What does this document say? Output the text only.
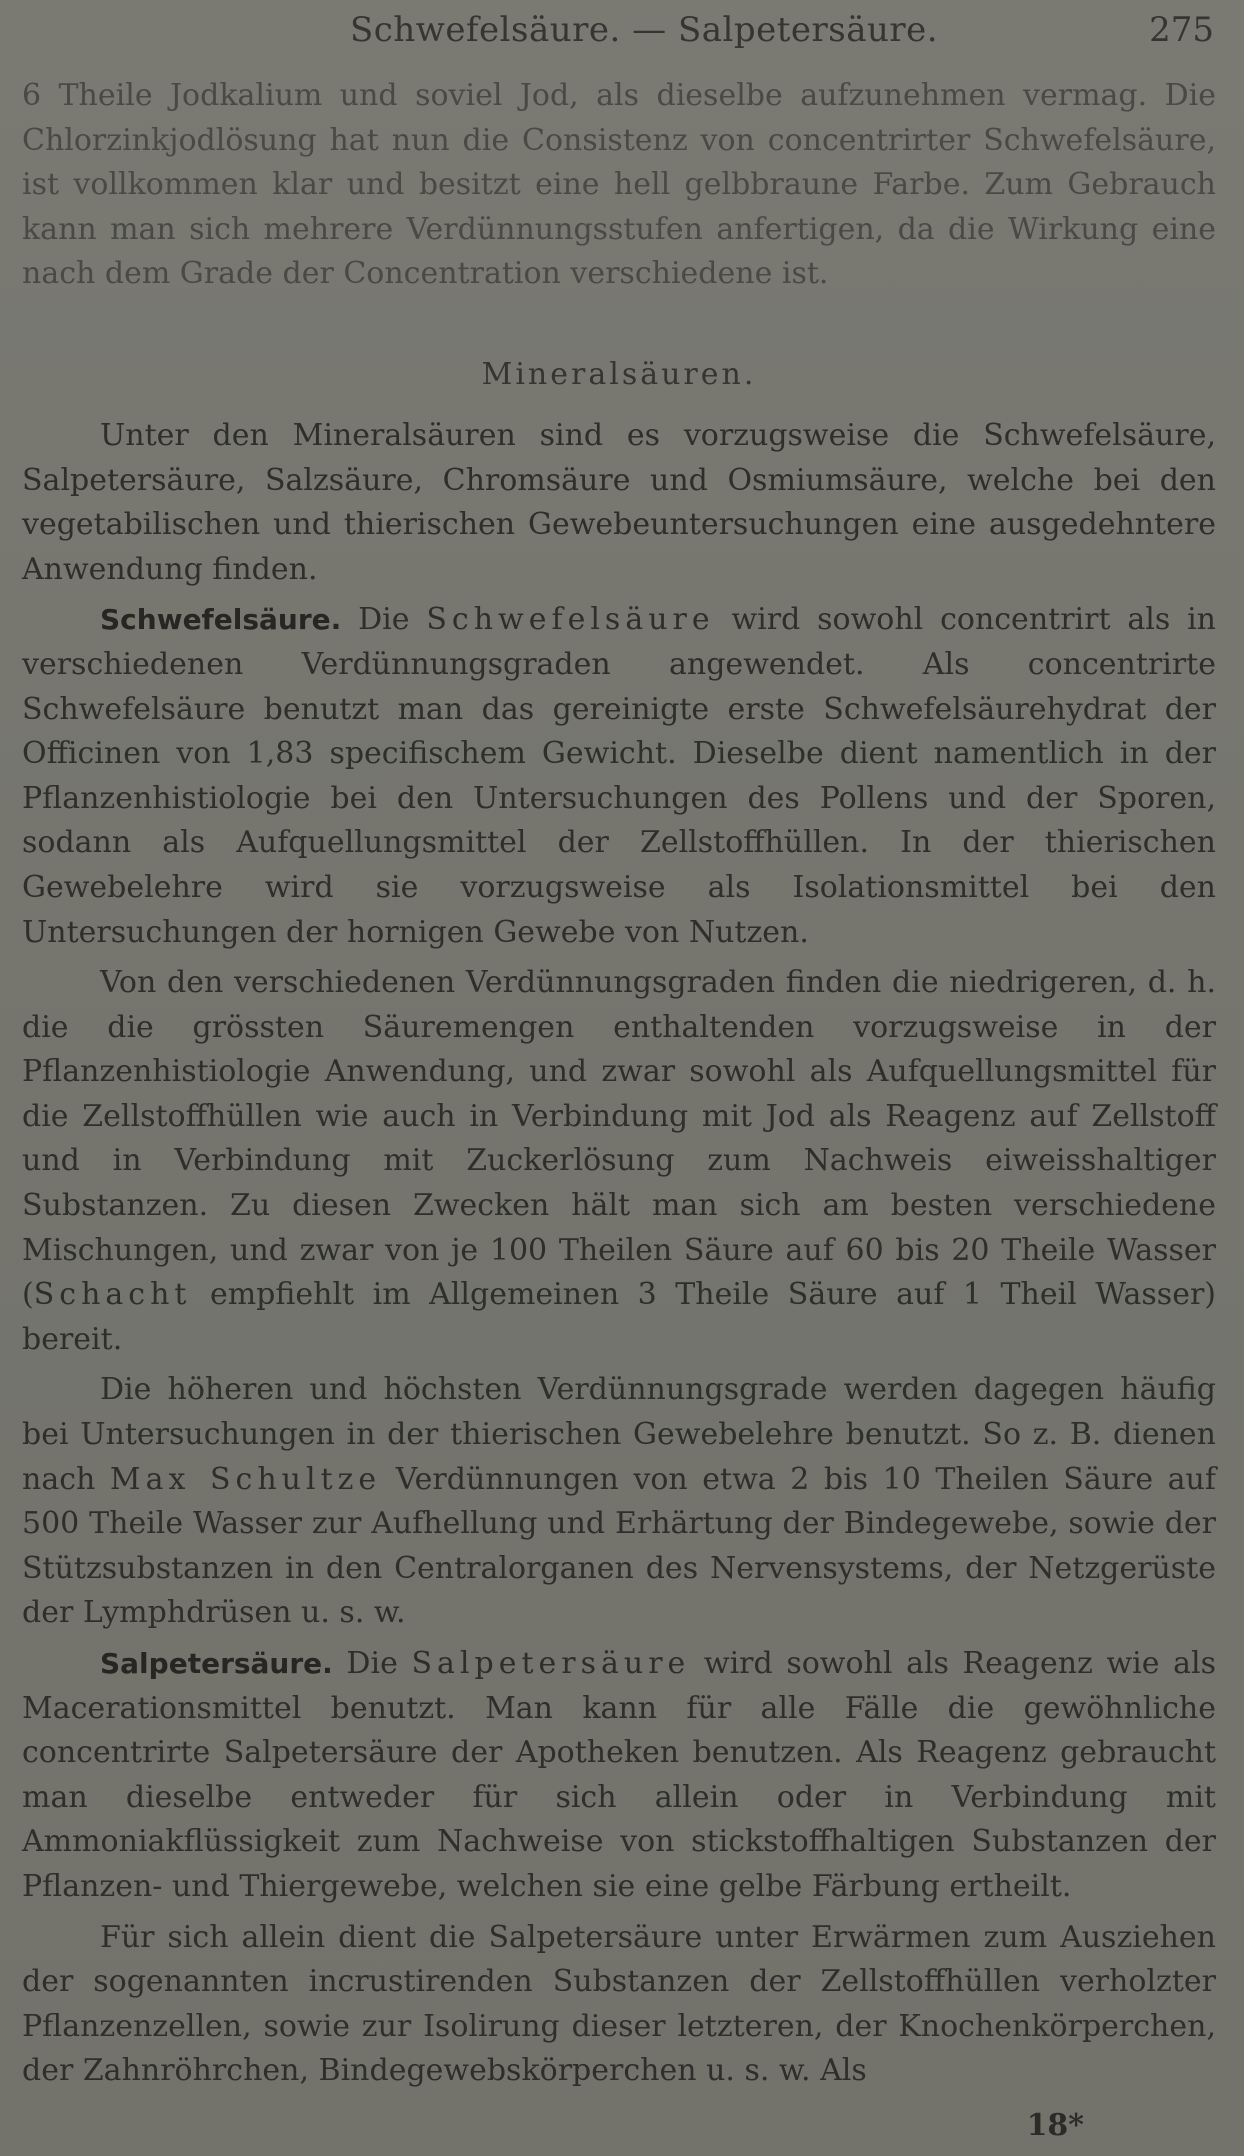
Schwefelsäure. — Salpetersäure.	275

6 Theile Jodkalium und soviel Jod, als dieselbe aufzunehmen vermag. Die Chlorzinkjodlösung hat nun die Consistenz von concentrirter Schwefelsäure, ist vollkommen klar und besitzt eine hell gelbbraune Farbe. Zum Gebrauch kann man sich mehrere Verdünnungsstufen anfertigen, da die Wirkung eine nach dem Grade der Concentration verschiedene ist.

Mineralsäuren.

Unter den Mineralsäuren sind es vorzugsweise die Schwefelsäure, Salpetersäure, Salzsäure, Chromsäure und Osmiumsäure, welche bei den vegetabilischen und thierischen Gewebeuntersuchungen eine ausgedehntere Anwendung finden.

Schwefelsäure. Die Schwefelsäure wird sowohl concentrirt als in verschiedenen Verdünnungsgraden angewendet. Als concentrirte Schwefelsäure benutzt man das gereinigte erste Schwefelsäurehydrat der Officinen von 1,83 specifischem Gewicht. Dieselbe dient namentlich in der Pflanzenhistiologie bei den Untersuchungen des Pollens und der Sporen, sodann als Aufquellungsmittel der Zellstoffhüllen. In der thierischen Gewebelehre wird sie vorzugsweise als Isolationsmittel bei den Untersuchungen der hornigen Gewebe von Nutzen.

Von den verschiedenen Verdünnungsgraden finden die niedrigeren, d. h. die die grössten Säuremengen enthaltenden vorzugsweise in der Pflanzenhistiologie Anwendung, und zwar sowohl als Aufquellungsmittel für die Zellstoffhüllen wie auch in Verbindung mit Jod als Reagenz auf Zellstoff und in Verbindung mit Zuckerlösung zum Nachweis eiweisshaltiger Substanzen. Zu diesen Zwecken hält man sich am besten verschiedene Mischungen, und zwar von je 100 Theilen Säure auf 60 bis 20 Theile Wasser (Schacht empfiehlt im Allgemeinen 3 Theile Säure auf 1 Theil Wasser) bereit.

Die höheren und höchsten Verdünnungsgrade werden dagegen häufig bei Untersuchungen in der thierischen Gewebelehre benutzt. So z. B. dienen nach Max Schultze Verdünnungen von etwa 2 bis 10 Theilen Säure auf 500 Theile Wasser zur Aufhellung und Erhärtung der Bindegewebe, sowie der Stützsubstanzen in den Centralorganen des Nervensystems, der Netzgerüste der Lymphdrüsen u. s. w.

Salpetersäure. Die Salpetersäure wird sowohl als Reagenz wie als Macerationsmittel benutzt. Man kann für alle Fälle die gewöhnliche concentrirte Salpetersäure der Apotheken benutzen. Als Reagenz gebraucht man dieselbe entweder für sich allein oder in Verbindung mit Ammoniakflüssigkeit zum Nachweise von stickstoffhaltigen Substanzen der Pflanzen- und Thiergewebe, welchen sie eine gelbe Färbung ertheilt.

Für sich allein dient die Salpetersäure unter Erwärmen zum Ausziehen der sogenannten incrustirenden Substanzen der Zellstoffhüllen verholzter Pflanzenzellen, sowie zur Isolirung dieser letzteren, der Knochenkörperchen, der Zahnröhrchen, Bindegewebskörperchen u. s. w. Als

18*
